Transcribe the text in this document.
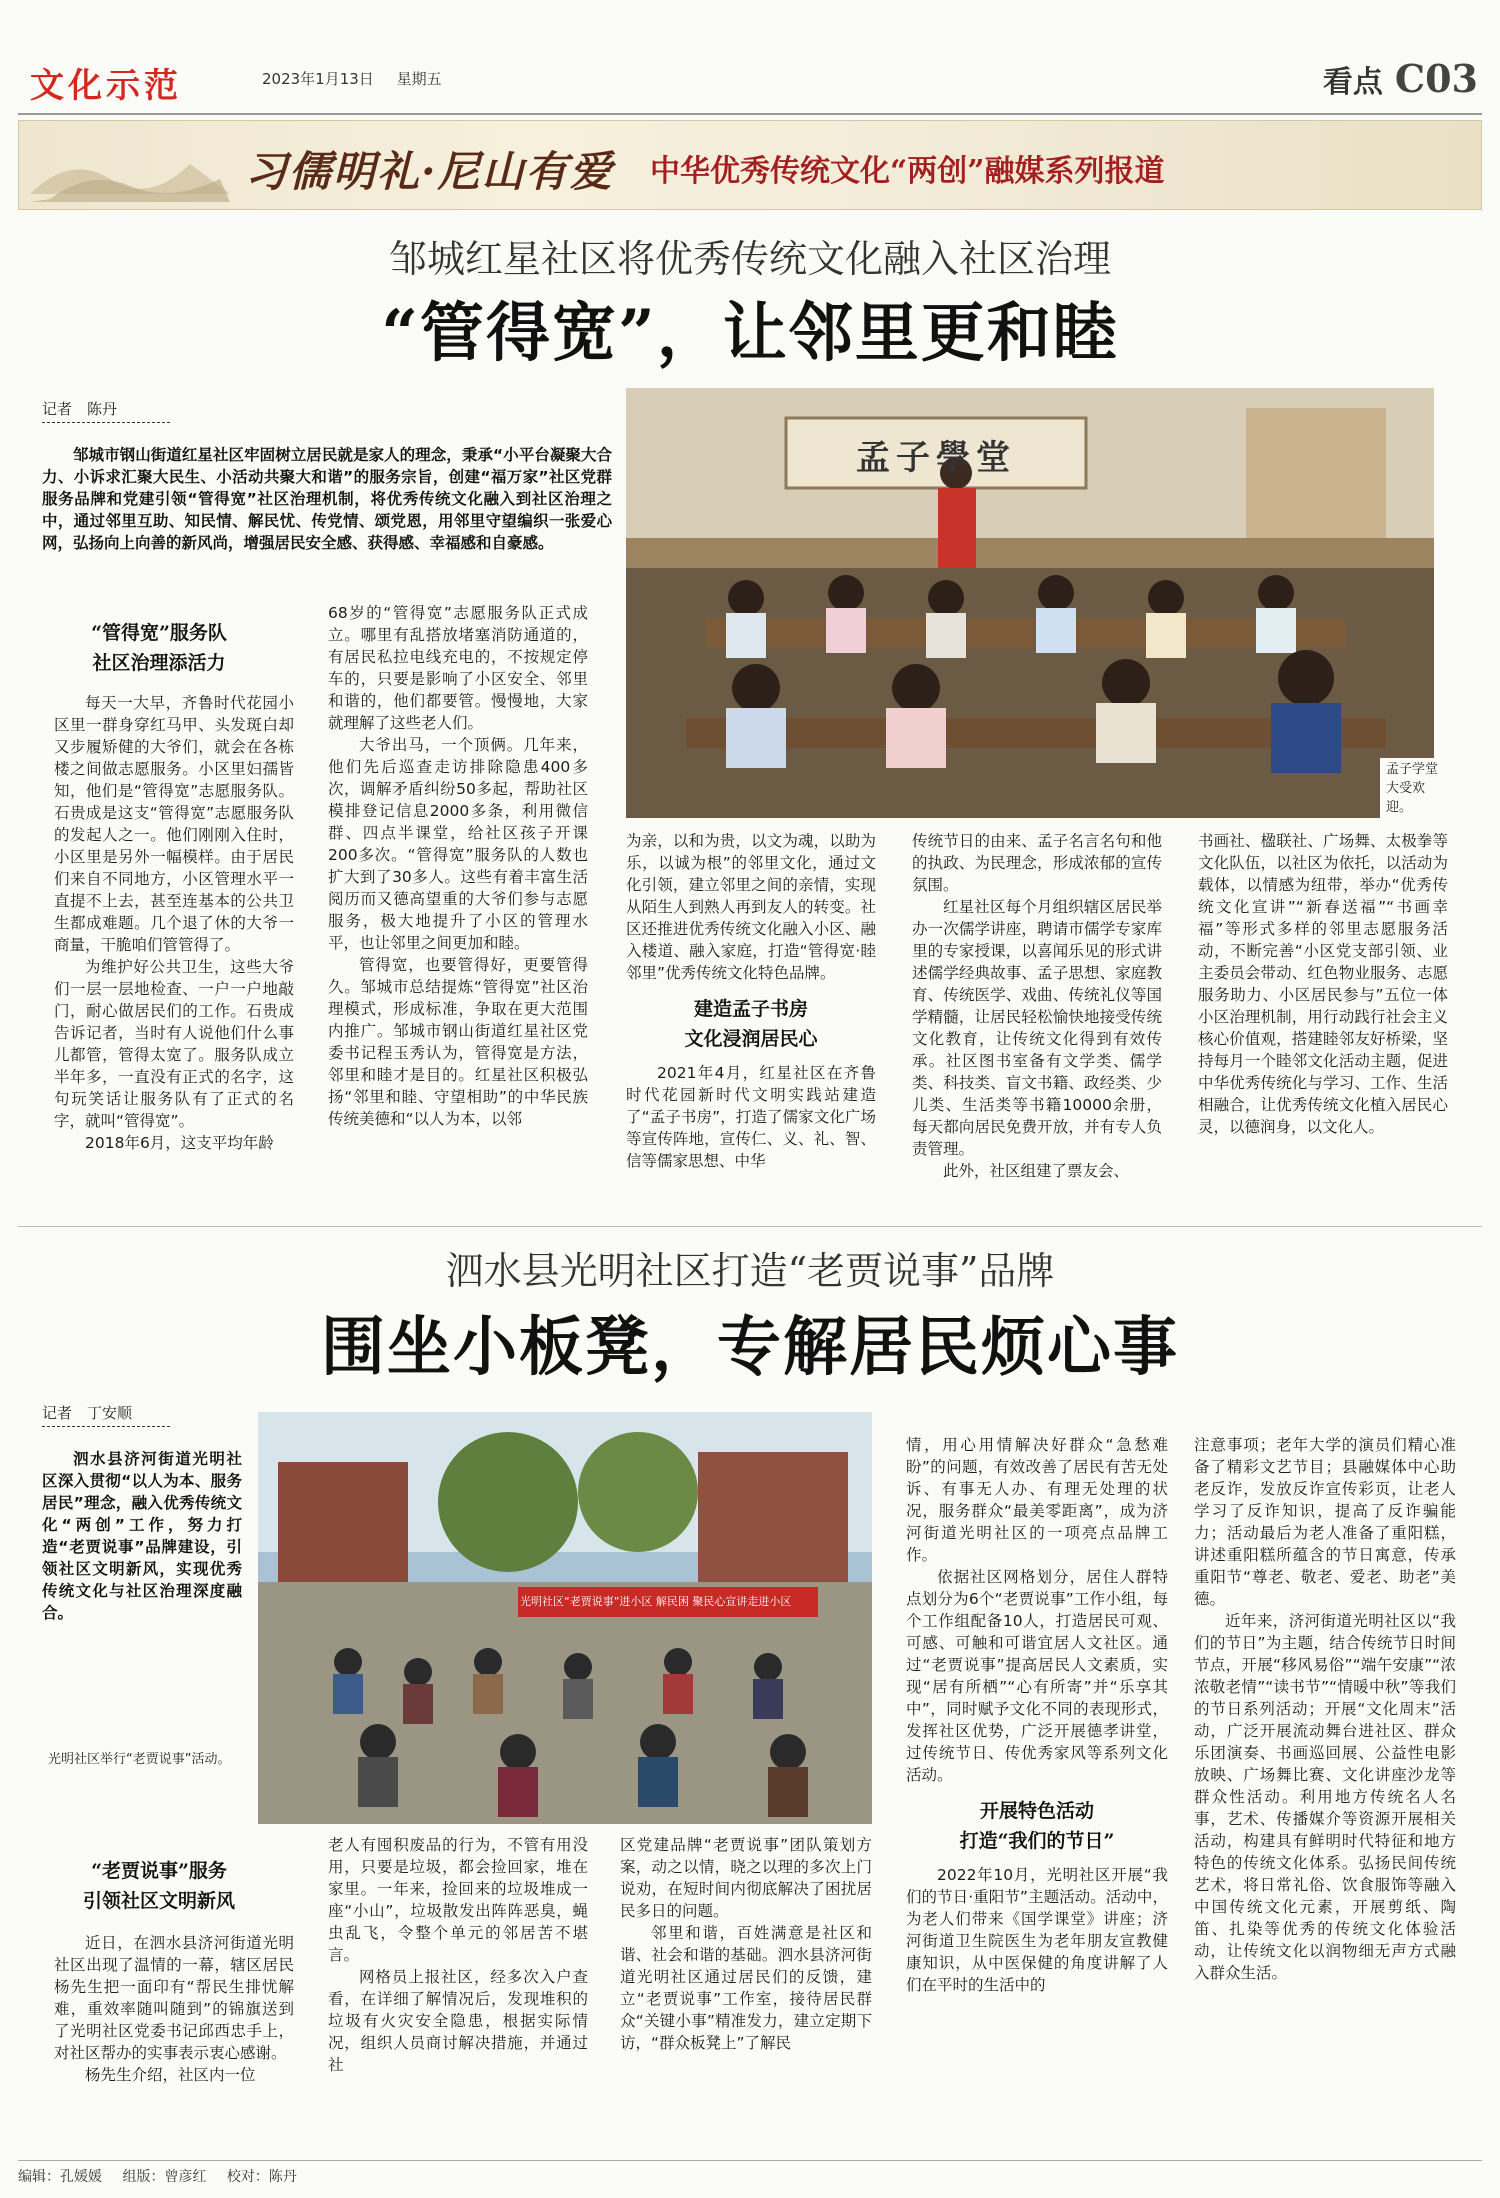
文化示范	2023年1月13日 星期五	看点 C03
习儒明礼·尼山有爱 中华优秀传统文化“两创”融媒系列报道
邹城红星社区将优秀传统文化融入社区治理
“管得宽”，让邻里更和睦
记者　陈丹
邹城市钢山街道红星社区牢固树立居民就是家人的理念，秉承“小平台凝聚大合力、小诉求汇聚大民生、小活动共聚大和谐”的服务宗旨，创建“福万家”社区党群服务品牌和党建引领“管得宽”社区治理机制，将优秀传统文化融入到社区治理之中，通过邻里互助、知民情、解民忧、传党情、颂党恩，用邻里守望编织一张爱心网，弘扬向上向善的新风尚，增强居民安全感、获得感、幸福感和自豪感。
孟子學堂
孟子学堂大受欢迎。
“管得宽”服务队
社区治理添活力

每天一大早，齐鲁时代花园小区里一群身穿红马甲、头发斑白却又步履矫健的大爷们，就会在各栋楼之间做志愿服务。小区里妇孺皆知，他们是“管得宽”志愿服务队。石贵成是这支“管得宽”志愿服务队的发起人之一。他们刚刚入住时，小区里是另外一幅模样。由于居民们来自不同地方，小区管理水平一直提不上去，甚至连基本的公共卫生都成难题。几个退了休的大爷一商量，干脆咱们管管得了。

为维护好公共卫生，这些大爷们一层一层地检查、一户一户地敲门，耐心做居民们的工作。石贵成告诉记者，当时有人说他们什么事儿都管，管得太宽了。服务队成立半年多，一直没有正式的名字，这句玩笑话让服务队有了正式的名字，就叫“管得宽”。

2018年6月，这支平均年龄

68岁的“管得宽”志愿服务队正式成立。哪里有乱搭放堵塞消防通道的，有居民私拉电线充电的，不按规定停车的，只要是影响了小区安全、邻里和谐的，他们都要管。慢慢地，大家就理解了这些老人们。

大爷出马，一个顶俩。几年来，他们先后巡查走访排除隐患400多次，调解矛盾纠纷50多起，帮助社区模排登记信息2000多条，利用微信群、四点半课堂，给社区孩子开课200多次。“管得宽”服务队的人数也扩大到了30多人。这些有着丰富生活阅历而又德高望重的大爷们参与志愿服务，极大地提升了小区的管理水平，也让邻里之间更加和睦。

管得宽，也要管得好，更要管得久。邹城市总结提炼“管得宽”社区治理模式，形成标准，争取在更大范围内推广。邹城市钢山街道红星社区党委书记程玉秀认为，管得宽是方法，邻里和睦才是目的。红星社区积极弘扬“邻里和睦、守望相助”的中华民族传统美德和“以人为本，以邻

为亲，以和为贵，以文为魂，以助为乐，以诚为根”的邻里文化，通过文化引领，建立邻里之间的亲情，实现从陌生人到熟人再到友人的转变。社区还推进优秀传统文化融入小区、融入楼道、融入家庭，打造“管得宽·睦邻里”优秀传统文化特色品牌。

建造孟子书房
文化浸润居民心

2021年4月，红星社区在齐鲁时代花园新时代文明实践站建造了“孟子书房”，打造了儒家文化广场等宣传阵地，宣传仁、义、礼、智、信等儒家思想、中华

传统节日的由来、孟子名言名句和他的执政、为民理念，形成浓郁的宣传氛围。

红星社区每个月组织辖区居民举办一次儒学讲座，聘请市儒学专家库里的专家授课，以喜闻乐见的形式讲述儒学经典故事、孟子思想、家庭教育、传统医学、戏曲、传统礼仪等国学精髓，让居民轻松愉快地接受传统文化教育，让传统文化得到有效传承。社区图书室备有文学类、儒学类、科技类、盲文书籍、政经类、少儿类、生活类等书籍10000余册，每天都向居民免费开放，并有专人负责管理。

此外，社区组建了票友会、

书画社、楹联社、广场舞、太极拳等文化队伍，以社区为依托，以活动为载体，以情感为纽带，举办“优秀传统文化宣讲”“新春送福”“书画幸福”等形式多样的邻里志愿服务活动，不断完善“小区党支部引领、业主委员会带动、红色物业服务、志愿服务助力、小区居民参与”五位一体小区治理机制，用行动践行社会主义核心价值观，搭建睦邻友好桥梁，坚持每月一个睦邻文化活动主题，促进中华优秀传统化与学习、工作、生活相融合，让优秀传统文化植入居民心灵，以德润身，以文化人。

泗水县光明社区打造“老贾说事”品牌
围坐小板凳，专解居民烦心事
记者　丁安顺
泗水县济河街道光明社区深入贯彻“以人为本、服务居民”理念，融入优秀传统文化“两创”工作，努力打造“老贾说事”品牌建设，引领社区文明新风，实现优秀传统文化与社区治理深度融合。
光明社区“老贾说事”进小区 解民困 聚民心宣讲走进小区
光明社区举行“老贾说事”活动。
“老贾说事”服务
引领社区文明新风

近日，在泗水县济河街道光明社区出现了温情的一幕，辖区居民杨先生把一面印有“帮民生排忧解难，重效率随叫随到”的锦旗送到了光明社区党委书记邱西忠手上，对社区帮办的实事表示衷心感谢。

杨先生介绍，社区内一位

老人有囤积废品的行为，不管有用没用，只要是垃圾，都会捡回家，堆在家里。一年来，捡回来的垃圾堆成一座“小山”，垃圾散发出阵阵恶臭，蝇虫乱飞，令整个单元的邻居苦不堪言。

网格员上报社区，经多次入户查看，在详细了解情况后，发现堆积的垃圾有火灾安全隐患，根据实际情况，组织人员商讨解决措施，并通过社

区党建品牌“老贾说事”团队策划方案，动之以情，晓之以理的多次上门说劝，在短时间内彻底解决了困扰居民多日的问题。

邻里和谐，百姓满意是社区和谐、社会和谐的基础。泗水县济河街道光明社区通过居民们的反馈，建立“老贾说事”工作室，接待居民群众“关键小事”精准发力，建立定期下访，“群众板凳上”了解民

情，用心用情解决好群众“急愁难盼”的问题，有效改善了居民有苦无处诉、有事无人办、有理无处理的状况，服务群众“最美零距离”，成为济河街道光明社区的一项亮点品牌工作。

依据社区网格划分，居住人群特点划分为6个“老贾说事”工作小组，每个工作组配备10人，打造居民可观、可感、可触和可谐宜居人文社区。通过“老贾说事”提高居民人文素质，实现“居有所栖”“心有所寄”并“乐享其中”，同时赋予文化不同的表现形式，发挥社区优势，广泛开展德孝讲堂，过传统节日、传优秀家风等系列文化活动。

开展特色活动
打造“我们的节日”

2022年10月，光明社区开展“我们的节日·重阳节”主题活动。活动中，为老人们带来《国学课堂》讲座；济河街道卫生院医生为老年朋友宣教健康知识，从中医保健的角度讲解了人们在平时的生活中的

注意事项；老年大学的演员们精心准备了精彩文艺节目；县融媒体中心助老反诈，发放反诈宣传彩页，让老人学习了反诈知识，提高了反诈骗能力；活动最后为老人准备了重阳糕，讲述重阳糕所蕴含的节日寓意，传承重阳节“尊老、敬老、爱老、助老”美德。

近年来，济河街道光明社区以“我们的节日”为主题，结合传统节日时间节点，开展“移风易俗”“端午安康”“浓浓敬老情”“读书节”“情暖中秋”等我们的节日系列活动；开展“文化周末”活动，广泛开展流动舞台进社区、群众乐团演奏、书画巡回展、公益性电影放映、广场舞比赛、文化讲座沙龙等群众性活动。利用地方传统名人名事，艺术、传播媒介等资源开展相关活动，构建具有鲜明时代特征和地方特色的传统文化体系。弘扬民间传统艺术，将日常礼俗、饮食服饰等融入中国传统文化元素，开展剪纸、陶笛、扎染等优秀的传统文化体验活动，让传统文化以润物细无声方式融入群众生活。

编辑：孔媛媛 组版：曾彦红 校对：陈丹
